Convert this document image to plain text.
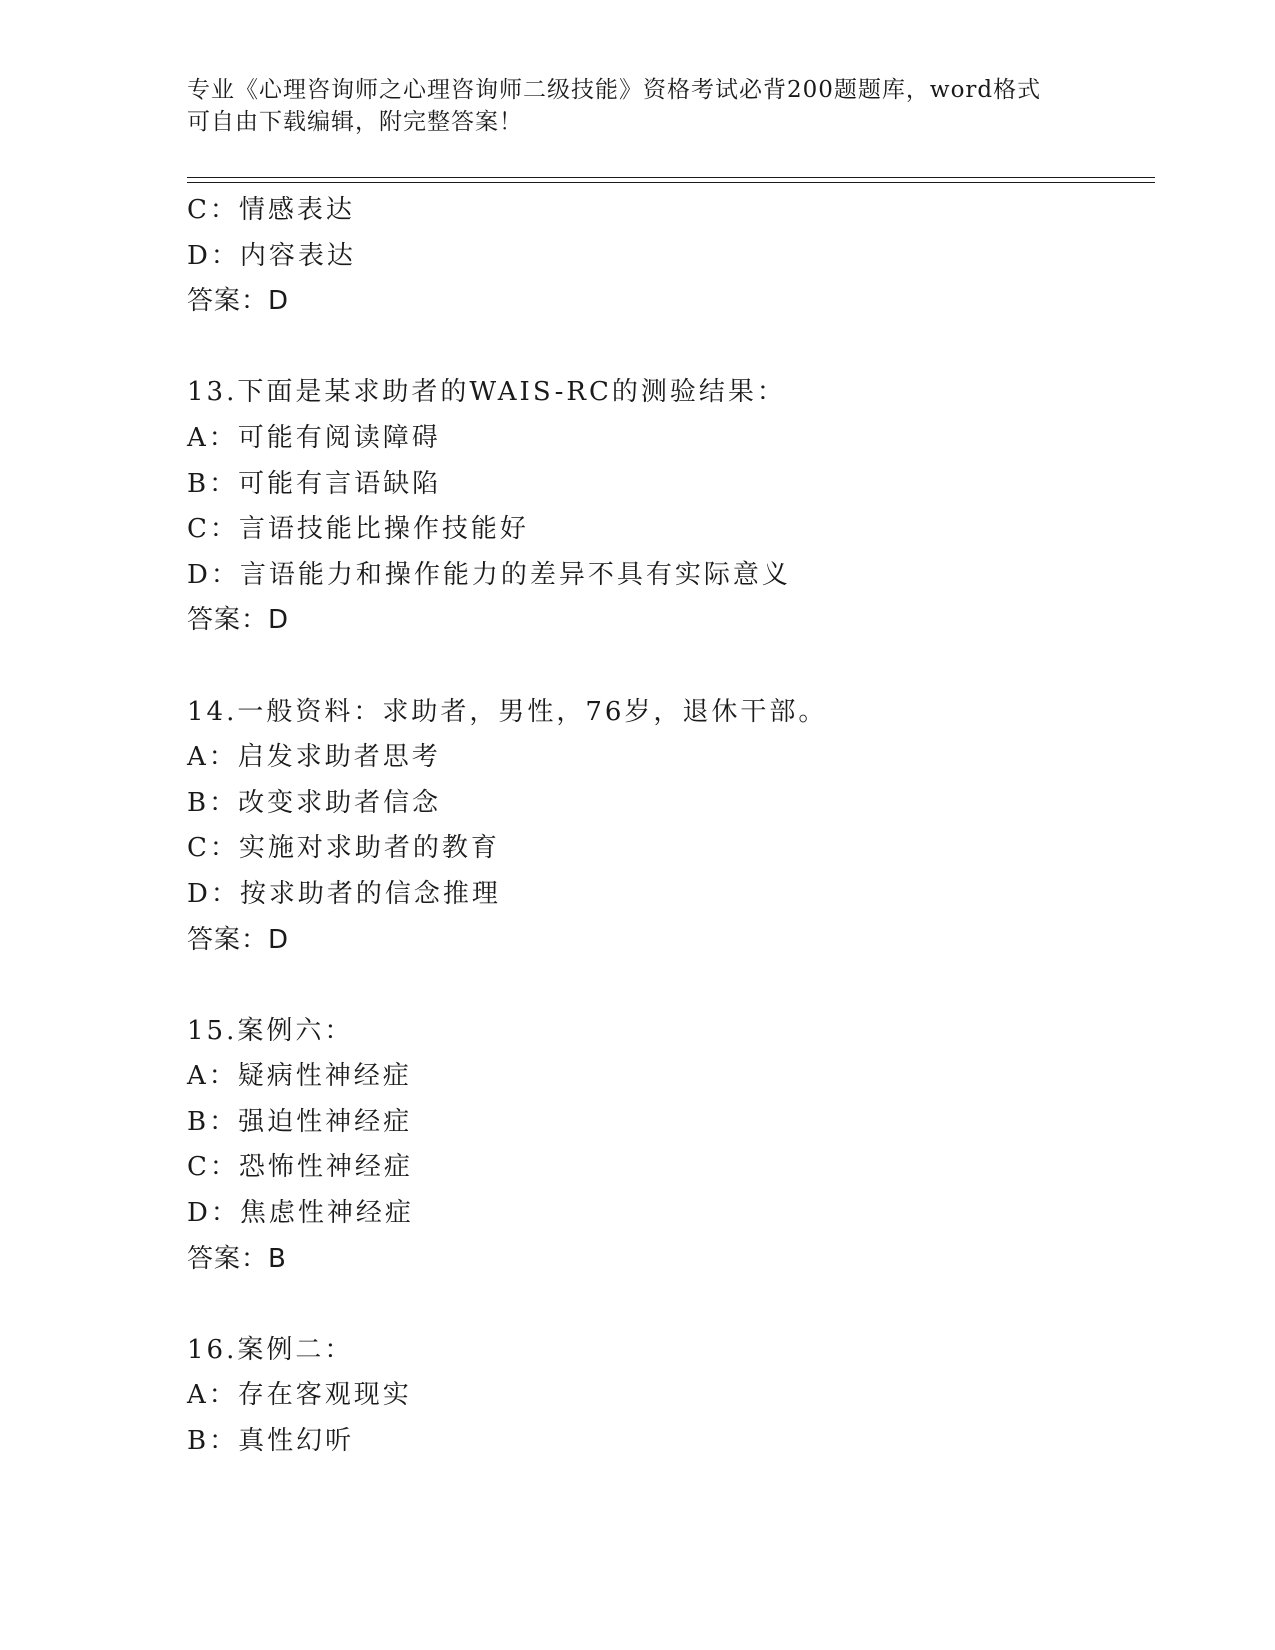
专业《心理咨询师之心理咨询师二级技能》资格考试必背200题题库，word格式
可自由下载编辑，附完整答案！
C：情感表达
D：内容表达
答案：D
13.下面是某求助者的WAIS-RC的测验结果：
A：可能有阅读障碍
B：可能有言语缺陷
C：言语技能比操作技能好
D：言语能力和操作能力的差异不具有实际意义
答案：D
14.一般资料：求助者，男性，76岁，退休干部。
A：启发求助者思考
B：改变求助者信念
C：实施对求助者的教育
D：按求助者的信念推理
答案：D
15.案例六：
A：疑病性神经症
B：强迫性神经症
C：恐怖性神经症
D：焦虑性神经症
答案：B
16.案例二：
A：存在客观现实
B：真性幻听
